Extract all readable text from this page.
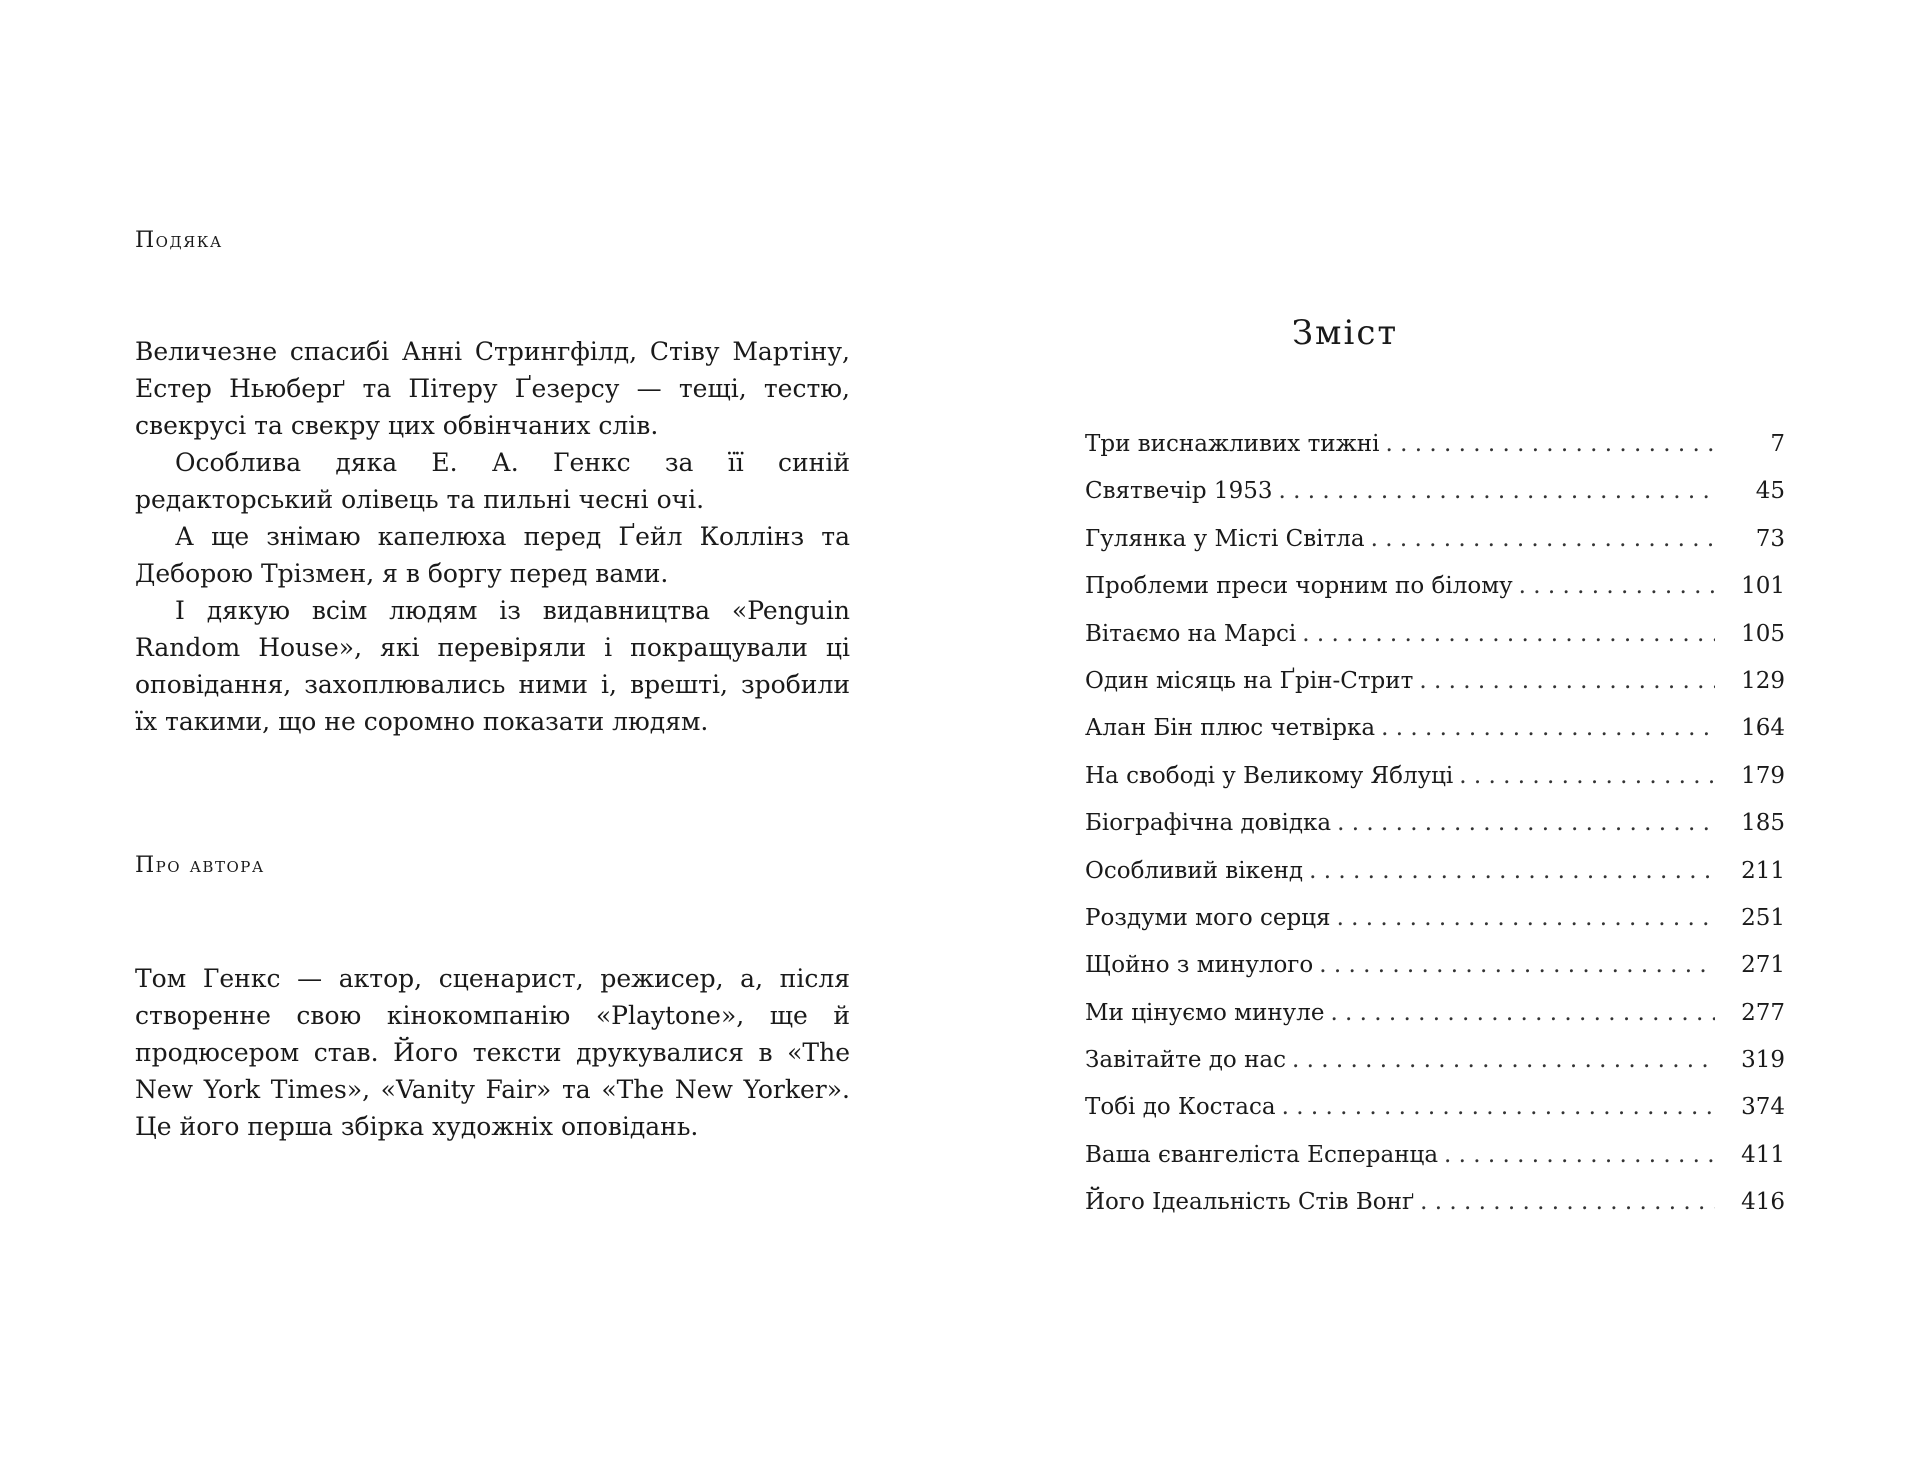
Подяка

Величезне спасибі Анні Стрингфілд, Стіву Мартіну, Естер Ньюберґ та Пітеру Ґезерсу — тещі, тестю, свекрусі та свекру цих обвінчаних слів.

Особлива дяка Е. А. Генкс за її синій редакторський олівець та пильні чесні очі.

А ще знімаю капелюха перед Ґейл Коллінз та Деборою Трізмен, я в боргу перед вами.

І дякую всім людям із видавництва «Penguin Random House», які перевіряли і покращували ці оповідання, захоплювались ними і, врешті, зробили їх такими, що не соромно показати людям.

Про автора

Том Генкс — актор, сценарист, режисер, а, після створенне свою кінокомпанію «Playtone», ще й продюсером став. Його тексти друкувалися в «The New York Times», «Vanity Fair» та «The New Yorker». Це його перша збірка художніх оповідань.

Зміст
Три виснажливих тижні . . .	7
Святвечір 1953 . . .	45
Гулянка у Місті Світла . . .	73
Проблеми преси чорним по білому . . .	101
Вітаємо на Марсі . . .	105
Один місяць на Ґрін-Стрит . . .	129
Алан Бін плюс четвірка . . .	164
На свободі у Великому Яблуці . . .	179
Біографічна довідка . . .	185
Особливий вікенд . . .	211
Роздуми мого серця . . .	251
Щойно з минулого . . .	271
Ми цінуємо минуле . . .	277
Завітайте до нас . . .	319
Тобі до Костаса . . .	374
Ваша євангеліста Есперанца . . .	411
Його Ідеальність Стів Вонґ . . .	416
